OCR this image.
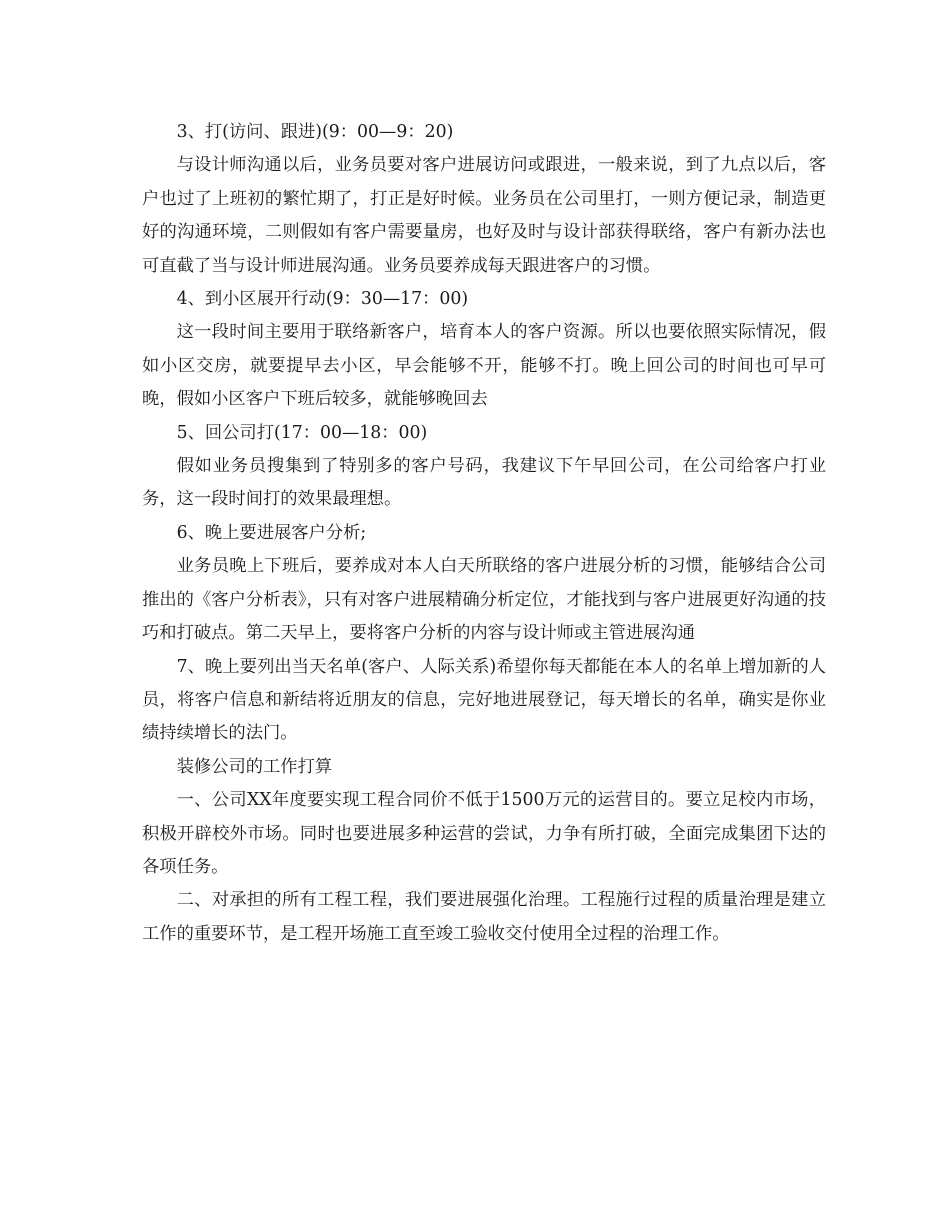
3、打(访问、跟进)(9：00—9：20)

与设计师沟通以后，业务员要对客户进展访问或跟进，一般来说，到了九点以后，客户也过了上班初的繁忙期了，打正是好时候。业务员在公司里打，一则方便记录，制造更好的沟通环境，二则假如有客户需要量房，也好及时与设计部获得联络，客户有新办法也可直截了当与设计师进展沟通。业务员要养成每天跟进客户的习惯。

4、到小区展开行动(9：30—17：00)

这一段时间主要用于联络新客户，培育本人的客户资源。所以也要依照实际情况，假如小区交房，就要提早去小区，早会能够不开，能够不打。晚上回公司的时间也可早可晚，假如小区客户下班后较多，就能够晚回去

5、回公司打(17：00—18：00)

假如业务员搜集到了特别多的客户号码，我建议下午早回公司，在公司给客户打业务，这一段时间打的效果最理想。

6、晚上要进展客户分析;

业务员晚上下班后，要养成对本人白天所联络的客户进展分析的习惯，能够结合公司推出的《客户分析表》，只有对客户进展精确分析定位，才能找到与客户进展更好沟通的技巧和打破点。第二天早上，要将客户分析的内容与设计师或主管进展沟通

7、晚上要列出当天名单(客户、人际关系)希望你每天都能在本人的名单上增加新的人员，将客户信息和新结将近朋友的信息，完好地进展登记，每天增长的名单，确实是你业绩持续增长的法门。

装修公司的工作打算

一、公司XX年度要实现工程合同价不低于1500万元的运营目的。要立足校内市场，积极开辟校外市场。同时也要进展多种运营的尝试，力争有所打破，全面完成集团下达的各项任务。

二、对承担的所有工程工程，我们要进展强化治理。工程施行过程的质量治理是建立工作的重要环节，是工程开场施工直至竣工验收交付使用全过程的治理工作。
